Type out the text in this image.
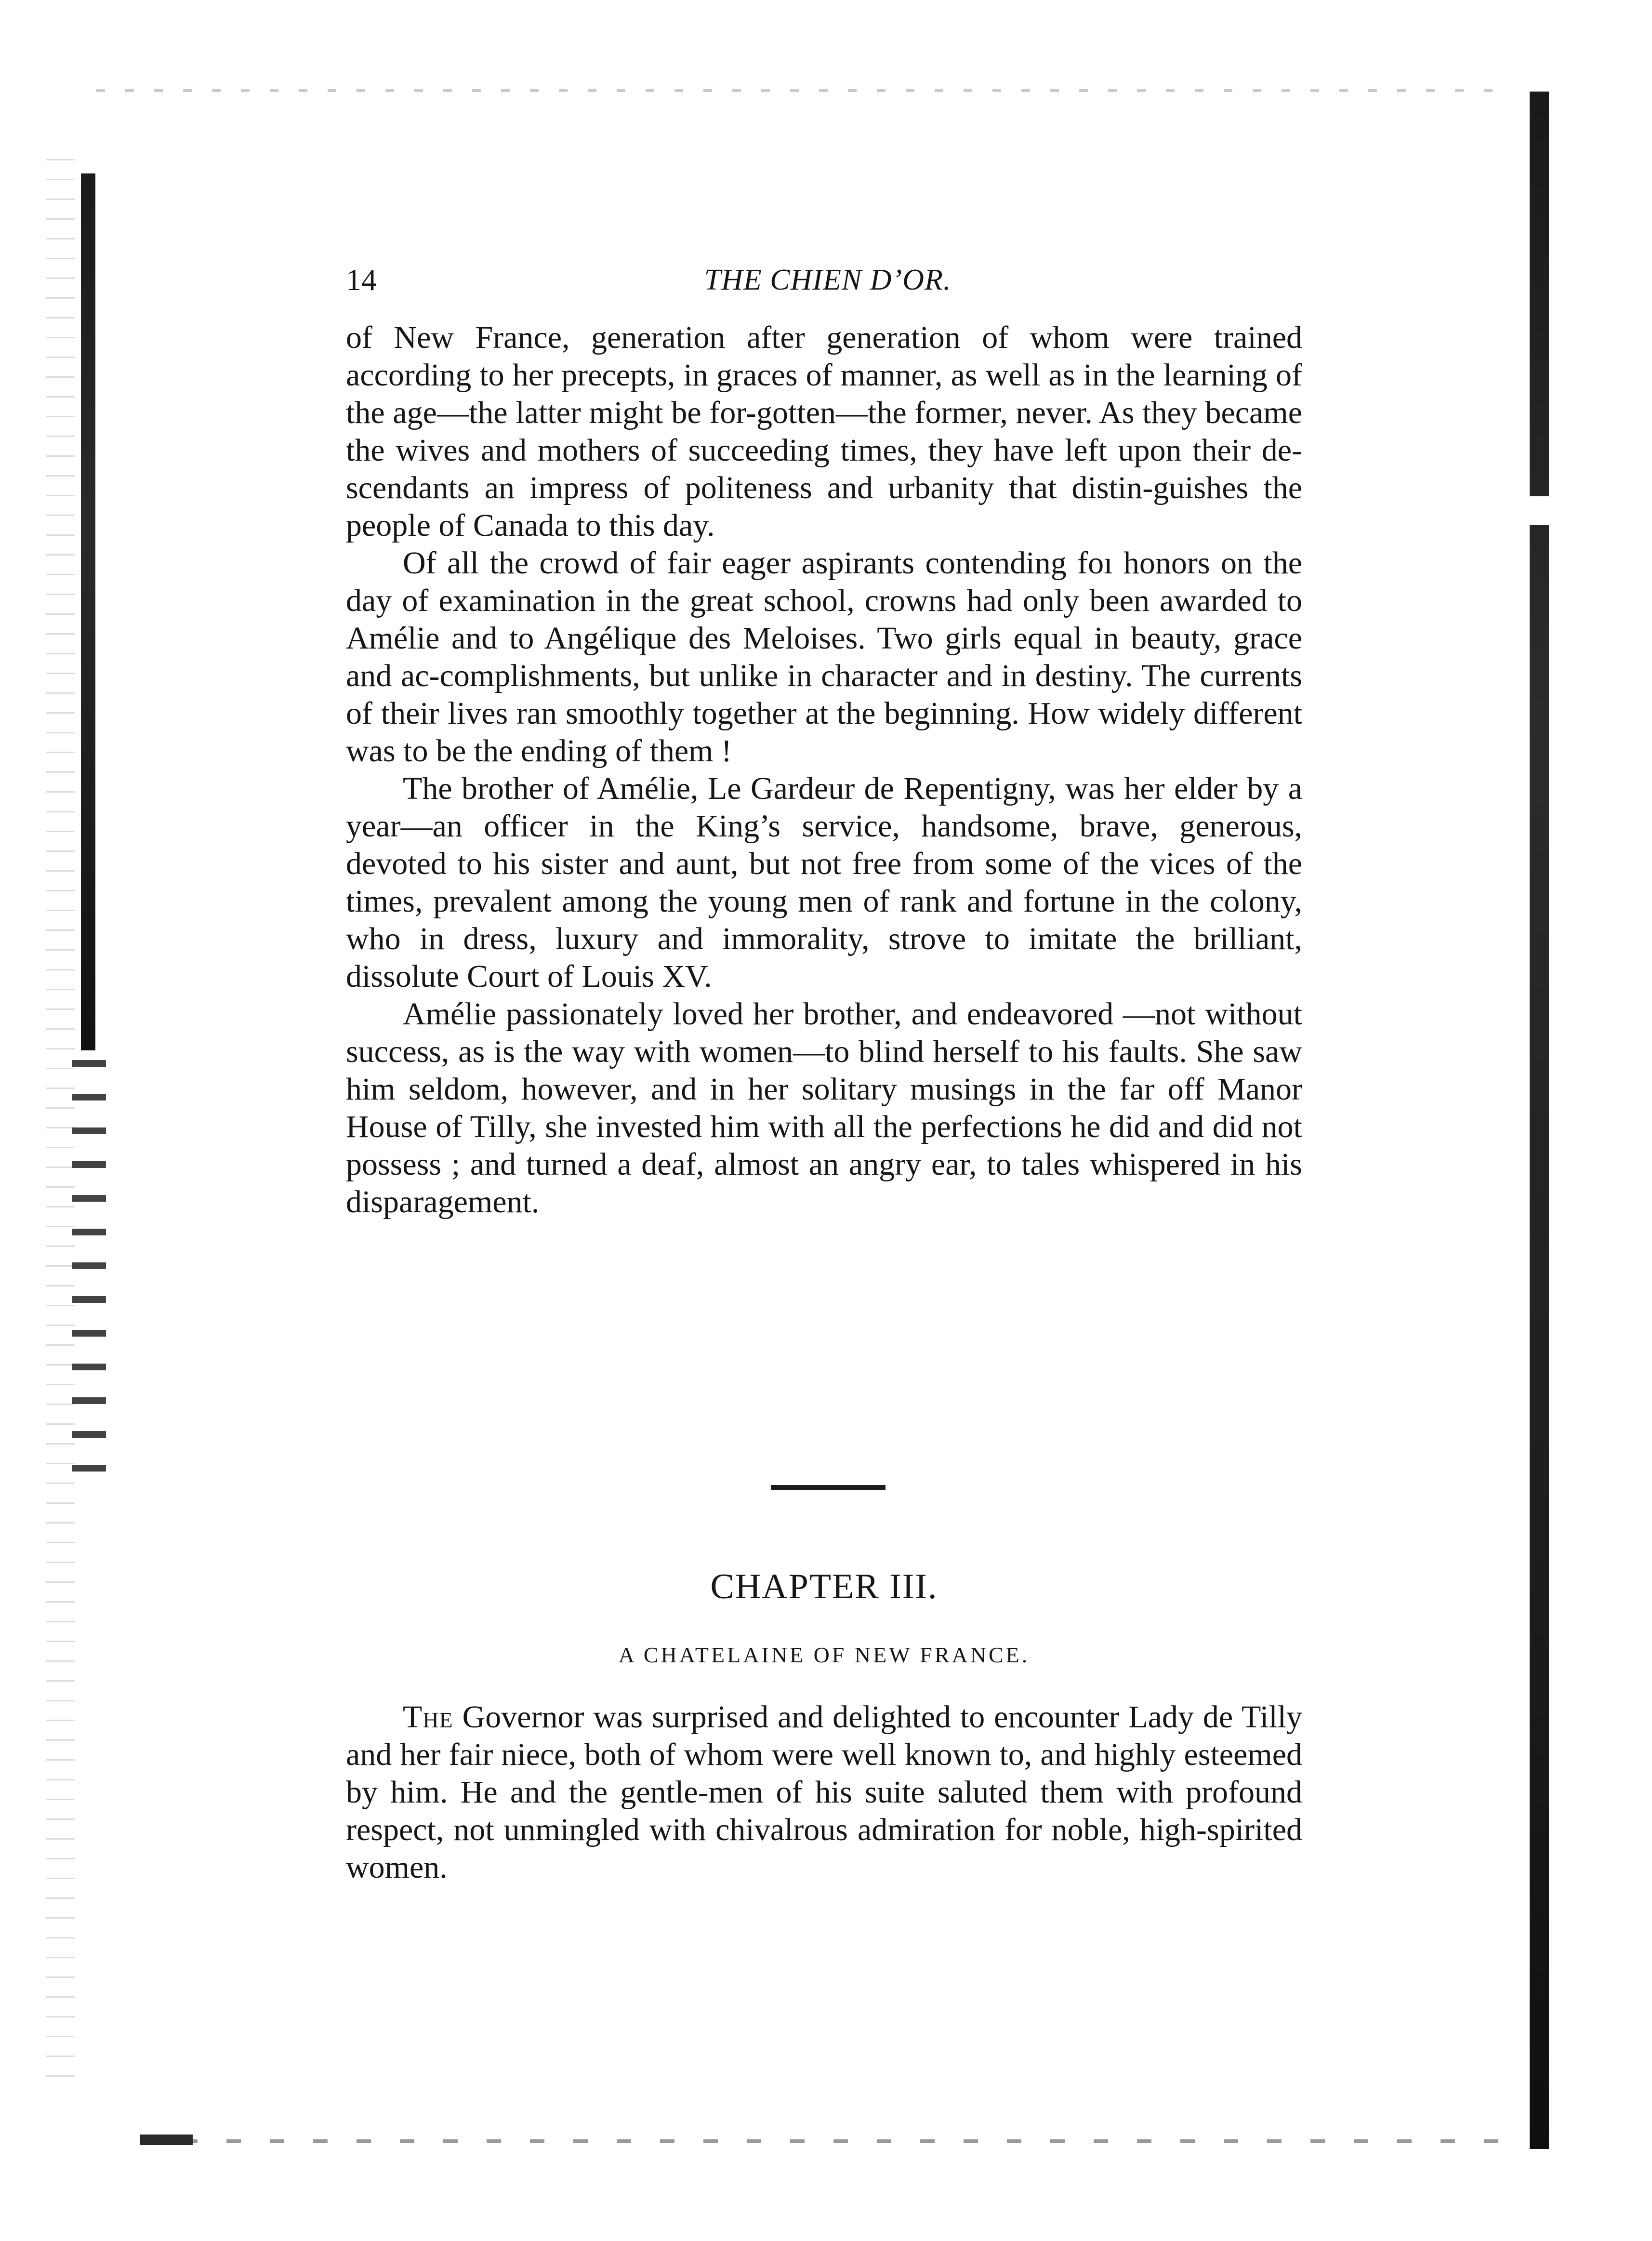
THE CHIEN D’OR.
14

of New France, generation after generation of whom were trained according to her precepts, in graces of manner, as well as in the learning of the age—the latter might be for-gotten—the former, never. As they became the wives and mothers of succeeding times, they have left upon their de-scendants an impress of politeness and urbanity that distin-guishes the people of Canada to this day.

Of all the crowd of fair eager aspirants contending foı honors on the day of examination in the great school, crowns had only been awarded to Amélie and to Angélique des Meloises. Two girls equal in beauty, grace and ac-complishments, but unlike in character and in destiny. The currents of their lives ran smoothly together at the beginning. How widely different was to be the ending of them !

The brother of Amélie, Le Gardeur de Repentigny, was her elder by a year—an officer in the King’s service, handsome, brave, generous, devoted to his sister and aunt, but not free from some of the vices of the times, prevalent among the young men of rank and fortune in the colony, who in dress, luxury and immorality, strove to imitate the brilliant, dissolute Court of Louis XV.

Amélie passionately loved her brother, and endeavored —not without success, as is the way with women—to blind herself to his faults. She saw him seldom, however, and in her solitary musings in the far off Manor House of Tilly, she invested him with all the perfections he did and did not possess ; and turned a deaf, almost an angry ear, to tales whispered in his disparagement.

CHAPTER III.
A CHATELAINE OF NEW FRANCE.

The Governor was surprised and delighted to encounter Lady de Tilly and her fair niece, both of whom were well known to, and highly esteemed by him. He and the gentle-men of his suite saluted them with profound respect, not unmingled with chivalrous admiration for noble, high-spirited women.
